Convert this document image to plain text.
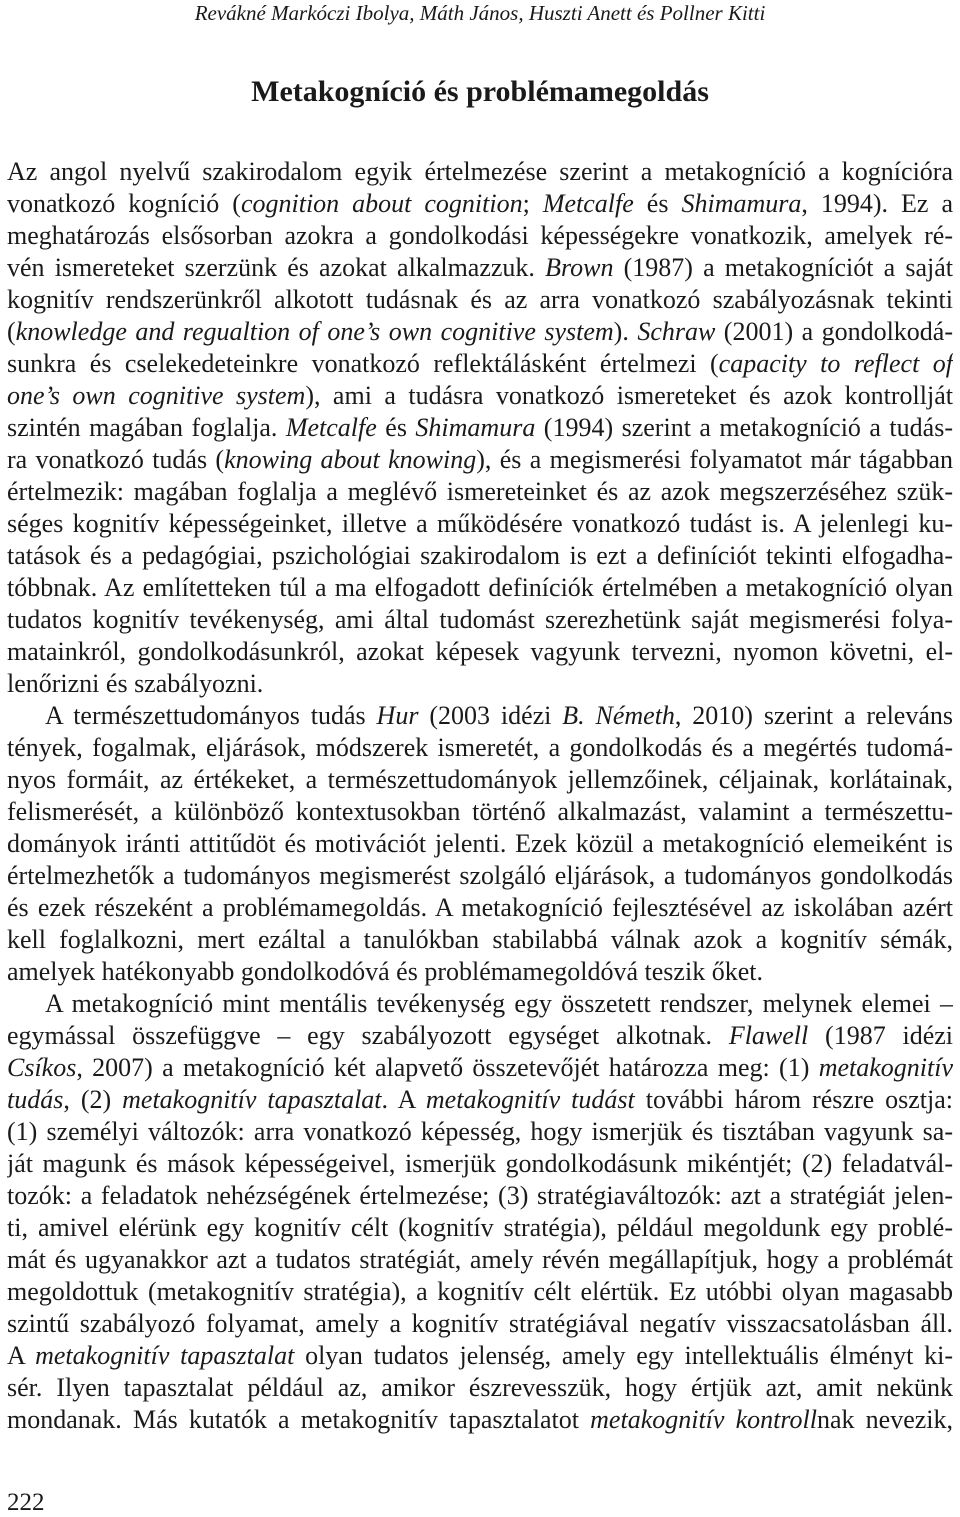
Revákné Markóczi Ibolya, Máth János, Huszti Anett és Pollner Kitti
Metakogníció és problémamegoldás
Az angol nyelvű szakirodalom egyik értelmezése szerint a metakogníció a kognícióra
vonatkozó kogníció (cognition about cognition; Metcalfe és Shimamura, 1994). Ez a
meghatározás elsősorban azokra a gondolkodási képességekre vonatkozik, amelyek ré-
vén ismereteket szerzünk és azokat alkalmazzuk. Brown (1987) a metakogníciót a saját
kognitív rendszerünkről alkotott tudásnak és az arra vonatkozó szabályozásnak tekinti
(knowledge and regualtion of one’s own cognitive system). Schraw (2001) a gondolkodá-
sunkra és cselekedeteinkre vonatkozó reflektálásként értelmezi (capacity to reflect of
one’s own cognitive system), ami a tudásra vonatkozó ismereteket és azok kontrollját
szintén magában foglalja. Metcalfe és Shimamura (1994) szerint a metakogníció a tudás-
ra vonatkozó tudás (knowing about knowing), és a megismerési folyamatot már tágabban
értelmezik: magában foglalja a meglévő ismereteinket és az azok megszerzéséhez szük-
séges kognitív képességeinket, illetve a működésére vonatkozó tudást is. A jelenlegi ku-
tatások és a pedagógiai, pszichológiai szakirodalom is ezt a definíciót tekinti elfogadha-
tóbbnak. Az említetteken túl a ma elfogadott definíciók értelmében a metakogníció olyan
tudatos kognitív tevékenység, ami által tudomást szerezhetünk saját megismerési folya-
matainkról, gondolkodásunkról, azokat képesek vagyunk tervezni, nyomon követni, el-
lenőrizni és szabályozni.
A természettudományos tudás Hur (2003 idézi B. Németh, 2010) szerint a releváns
tények, fogalmak, eljárások, módszerek ismeretét, a gondolkodás és a megértés tudomá-
nyos formáit, az értékeket, a természettudományok jellemzőinek, céljainak, korlátainak,
felismerését, a különböző kontextusokban történő alkalmazást, valamint a természettu-
dományok iránti attitűdöt és motivációt jelenti. Ezek közül a metakogníció elemeiként is
értelmezhetők a tudományos megismerést szolgáló eljárások, a tudományos gondolkodás
és ezek részeként a problémamegoldás. A metakogníció fejlesztésével az iskolában azért
kell foglalkozni, mert ezáltal a tanulókban stabilabbá válnak azok a kognitív sémák,
amelyek hatékonyabb gondolkodóvá és problémamegoldóvá teszik őket.
A metakogníció mint mentális tevékenység egy összetett rendszer, melynek elemei –
egymással összefüggve – egy szabályozott egységet alkotnak. Flawell (1987 idézi
Csíkos, 2007) a metakogníció két alapvető összetevőjét határozza meg: (1) metakognitív
tudás, (2) metakognitív tapasztalat. A metakognitív tudást további három részre osztja:
(1) személyi változók: arra vonatkozó képesség, hogy ismerjük és tisztában vagyunk sa-
ját magunk és mások képességeivel, ismerjük gondolkodásunk mikéntjét; (2) feladatvál-
tozók: a feladatok nehézségének értelmezése; (3) stratégiaváltozók: azt a stratégiát jelen-
ti, amivel elérünk egy kognitív célt (kognitív stratégia), például megoldunk egy problé-
mát és ugyanakkor azt a tudatos stratégiát, amely révén megállapítjuk, hogy a problémát
megoldottuk (metakognitív stratégia), a kognitív célt elértük. Ez utóbbi olyan magasabb
szintű szabályozó folyamat, amely a kognitív stratégiával negatív visszacsatolásban áll.
A metakognitív tapasztalat olyan tudatos jelenség, amely egy intellektuális élményt ki-
sér. Ilyen tapasztalat például az, amikor észrevesszük, hogy értjük azt, amit nekünk
mondanak. Más kutatók a metakognitív tapasztalatot metakognitív kontrollnak nevezik,
222
